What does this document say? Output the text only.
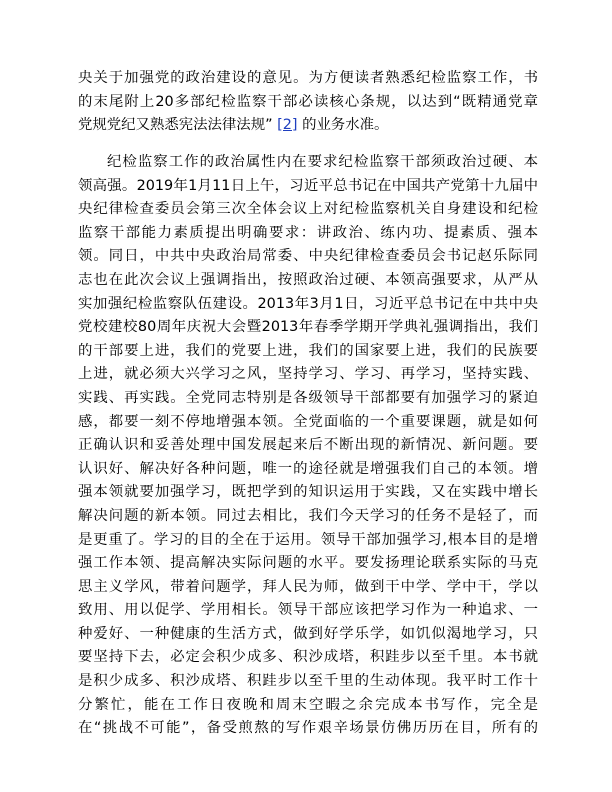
央关于加强党的政治建设的意见。为方便读者熟悉纪检监察工作，书
的末尾附上20多部纪检监察干部必读核心条规，以达到“既精通党章
党规党纪又熟悉宪法法律法规” [2] 的业务水准。
纪检监察工作的政治属性内在要求纪检监察干部须政治过硬、本
领高强。2019年1月11日上午，习近平总书记在中国共产党第十九届中
央纪律检查委员会第三次全体会议上对纪检监察机关自身建设和纪检
监察干部能力素质提出明确要求：讲政治、练内功、提素质、强本
领。同日，中共中央政治局常委、中央纪律检查委员会书记赵乐际同
志也在此次会议上强调指出，按照政治过硬、本领高强要求，从严从
实加强纪检监察队伍建设。2013年3月1日，习近平总书记在中共中央
党校建校80周年庆祝大会暨2013年春季学期开学典礼强调指出，我们
的干部要上进，我们的党要上进，我们的国家要上进，我们的民族要
上进，就必须大兴学习之风，坚持学习、学习、再学习，坚持实践、
实践、再实践。全党同志特别是各级领导干部都要有加强学习的紧迫
感，都要一刻不停地增强本领。全党面临的一个重要课题，就是如何
正确认识和妥善处理中国发展起来后不断出现的新情况、新问题。要
认识好、解决好各种问题，唯一的途径就是增强我们自己的本领。增
强本领就要加强学习，既把学到的知识运用于实践，又在实践中增长
解决问题的新本领。同过去相比，我们今天学习的任务不是轻了，而
是更重了。学习的目的全在于运用。领导干部加强学习,根本目的是增
强工作本领、提高解决实际问题的水平。要发扬理论联系实际的马克
思主义学风，带着问题学，拜人民为师，做到干中学、学中干，学以
致用、用以促学、学用相长。领导干部应该把学习作为一种追求、一
种爱好、一种健康的生活方式，做到好学乐学，如饥似渴地学习，只
要坚持下去，必定会积少成多、积沙成塔，积跬步以至千里。本书就
是积少成多、积沙成塔、积跬步以至千里的生动体现。我平时工作十
分繁忙，能在工作日夜晚和周末空暇之余完成本书写作，完全是
在“挑战不可能”，备受煎熬的写作艰辛场景仿佛历历在目，所有的
